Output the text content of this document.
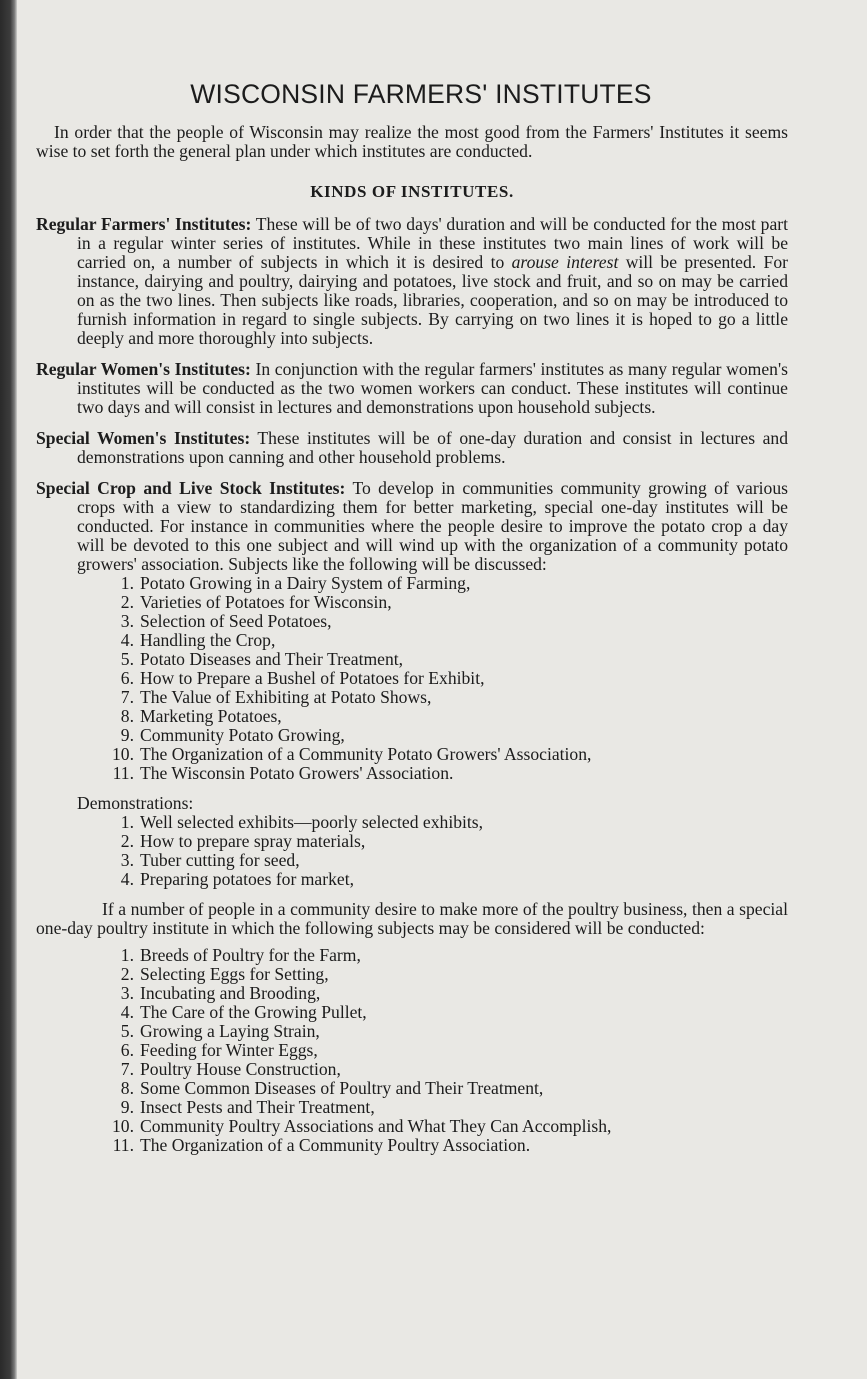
WISCONSIN FARMERS' INSTITUTES

In order that the people of Wisconsin may realize the most good from the Farmers' Institutes it seems wise to set forth the general plan under which institutes are conducted.

KINDS OF INSTITUTES.

Regular Farmers' Institutes: These will be of two days' duration and will be conducted for the most part in a regular winter series of institutes. While in these institutes two main lines of work will be carried on, a number of subjects in which it is desired to arouse interest will be presented. For instance, dairying and poultry, dairying and potatoes, live stock and fruit, and so on may be carried on as the two lines. Then subjects like roads, libraries, cooperation, and so on may be introduced to furnish information in regard to single subjects. By carrying on two lines it is hoped to go a little deeply and more thoroughly into subjects.

Regular Women's Institutes: In conjunction with the regular farmers' institutes as many regular women's institutes will be conducted as the two women workers can conduct. These institutes will continue two days and will consist in lectures and demonstrations upon household subjects.

Special Women's Institutes: These institutes will be of one-day duration and consist in lectures and demonstrations upon canning and other household problems.

Special Crop and Live Stock Institutes: To develop in communities community growing of various crops with a view to standardizing them for better marketing, special one-day institutes will be conducted. For instance in communities where the people desire to improve the potato crop a day will be devoted to this one subject and will wind up with the organization of a community potato growers' association. Subjects like the following will be discussed:

1. Potato Growing in a Dairy System of Farming,
2. Varieties of Potatoes for Wisconsin,
3. Selection of Seed Potatoes,
4. Handling the Crop,
5. Potato Diseases and Their Treatment,
6. How to Prepare a Bushel of Potatoes for Exhibit,
7. The Value of Exhibiting at Potato Shows,
8. Marketing Potatoes,
9. Community Potato Growing,
10. The Organization of a Community Potato Growers' Association,
11. The Wisconsin Potato Growers' Association.

Demonstrations:

1. Well selected exhibits—poorly selected exhibits,
2. How to prepare spray materials,
3. Tuber cutting for seed,
4. Preparing potatoes for market,

If a number of people in a community desire to make more of the poultry business, then a special one-day poultry institute in which the following subjects may be considered will be conducted:

1. Breeds of Poultry for the Farm,
2. Selecting Eggs for Setting,
3. Incubating and Brooding,
4. The Care of the Growing Pullet,
5. Growing a Laying Strain,
6. Feeding for Winter Eggs,
7. Poultry House Construction,
8. Some Common Diseases of Poultry and Their Treatment,
9. Insect Pests and Their Treatment,
10. Community Poultry Associations and What They Can Accomplish,
11. The Organization of a Community Poultry Association.
